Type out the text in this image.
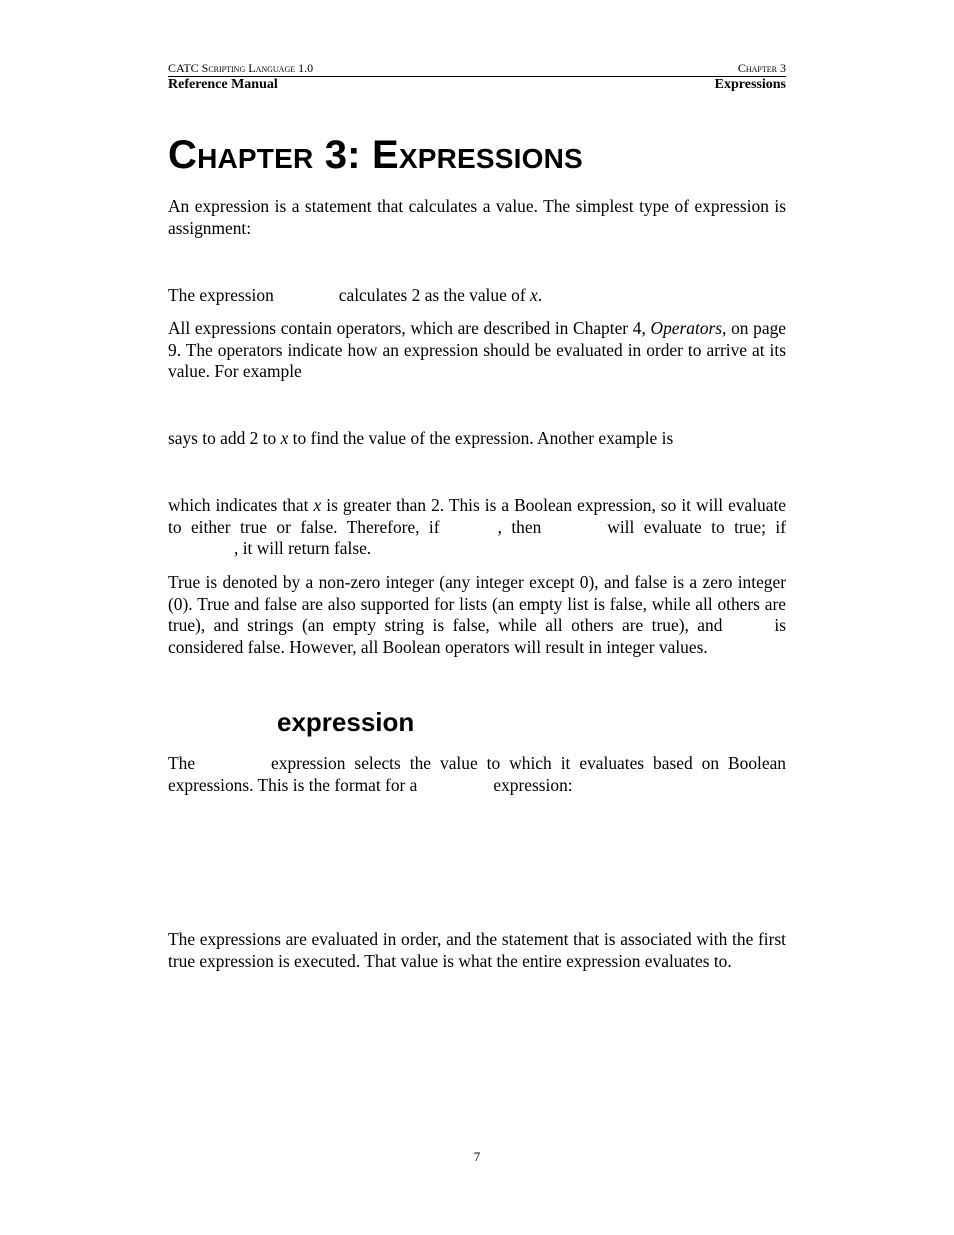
CATC Scripting Language 1.0	Chapter 3
Reference Manual	Expressions
Chapter 3: Expressions

An expression is a statement that calculates a value. The simplest type of expression is assignment:

The expression	calculates 2 as the value of x.

All expressions contain operators, which are described in Chapter 4, Operators, on page 9. The operators indicate how an expression should be evaluated in order to arrive at its value. For example

says to add 2 to x to find the value of the expression. Another example is

which indicates that x is greater than 2. This is a Boolean expression, so it will evaluate to either true or false. Therefore, if	, then	will evaluate to true; if, it will return false.

True is denoted by a non-zero integer (any integer except 0), and false is a zero integer (0). True and false are also supported for lists (an empty list is false, while all others are true), and strings (an empty string is false, while all others are true), and	is considered false. However, all Boolean operators will result in integer values.

expression

The	expression selects the value to which it evaluates based on Boolean expressions. This is the format for a	expression:

The expressions are evaluated in order, and the statement that is associated with the first true expression is executed. That value is what the entire expression evaluates to.

7
